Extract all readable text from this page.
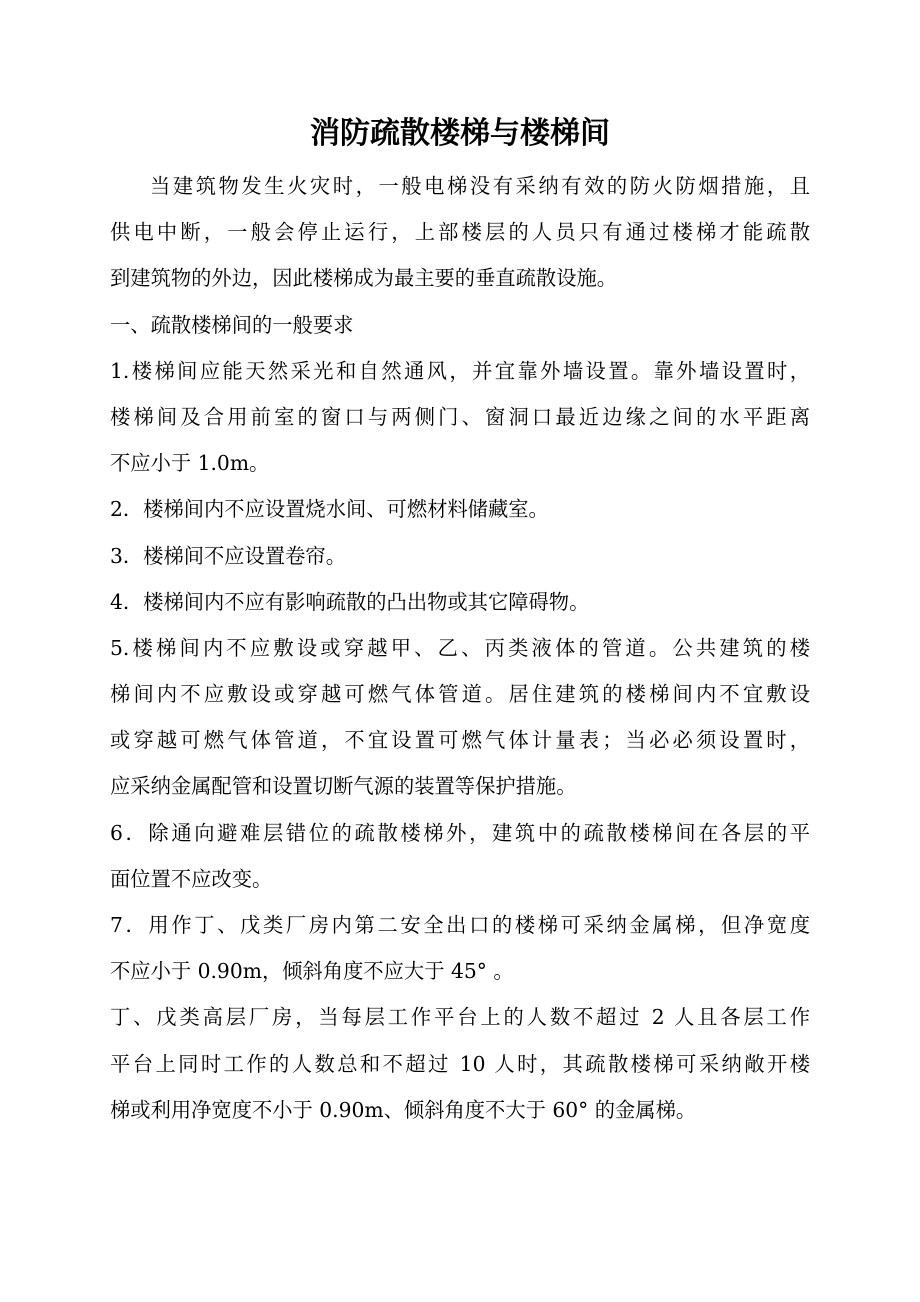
消防疏散楼梯与楼梯间
当建筑物发生火灾时，一般电梯没有采纳有效的防火防烟措施，且
供电中断，一般会停止运行，上部楼层的人员只有通过楼梯才能疏散
到建筑物的外边，因此楼梯成为最主要的垂直疏散设施。
一、疏散楼梯间的一般要求
1.楼梯间应能天然采光和自然通风，并宜靠外墙设置。靠外墙设置时，
楼梯间及合用前室的窗口与两侧门、窗洞口最近边缘之间的水平距离
不应小于 1.0m。
2．楼梯间内不应设置烧水间、可燃材料储藏室。
3．楼梯间不应设置卷帘。
4．楼梯间内不应有影响疏散的凸出物或其它障碍物。
5.楼梯间内不应敷设或穿越甲、乙、丙类液体的管道。公共建筑的楼
梯间内不应敷设或穿越可燃气体管道。居住建筑的楼梯间内不宜敷设
或穿越可燃气体管道，不宜设置可燃气体计量表；当必必须设置时，
应采纳金属配管和设置切断气源的装置等保护措施。
6．除通向避难层错位的疏散楼梯外，建筑中的疏散楼梯间在各层的平
面位置不应改变。
7．用作丁、戊类厂房内第二安全出口的楼梯可采纳金属梯，但净宽度
不应小于 0.90m，倾斜角度不应大于 45° 。
丁、戊类高层厂房，当每层工作平台上的人数不超过 2 人且各层工作
平台上同时工作的人数总和不超过 10 人时，其疏散楼梯可采纳敞开楼
梯或利用净宽度不小于 0.90m、倾斜角度不大于 60° 的金属梯。
